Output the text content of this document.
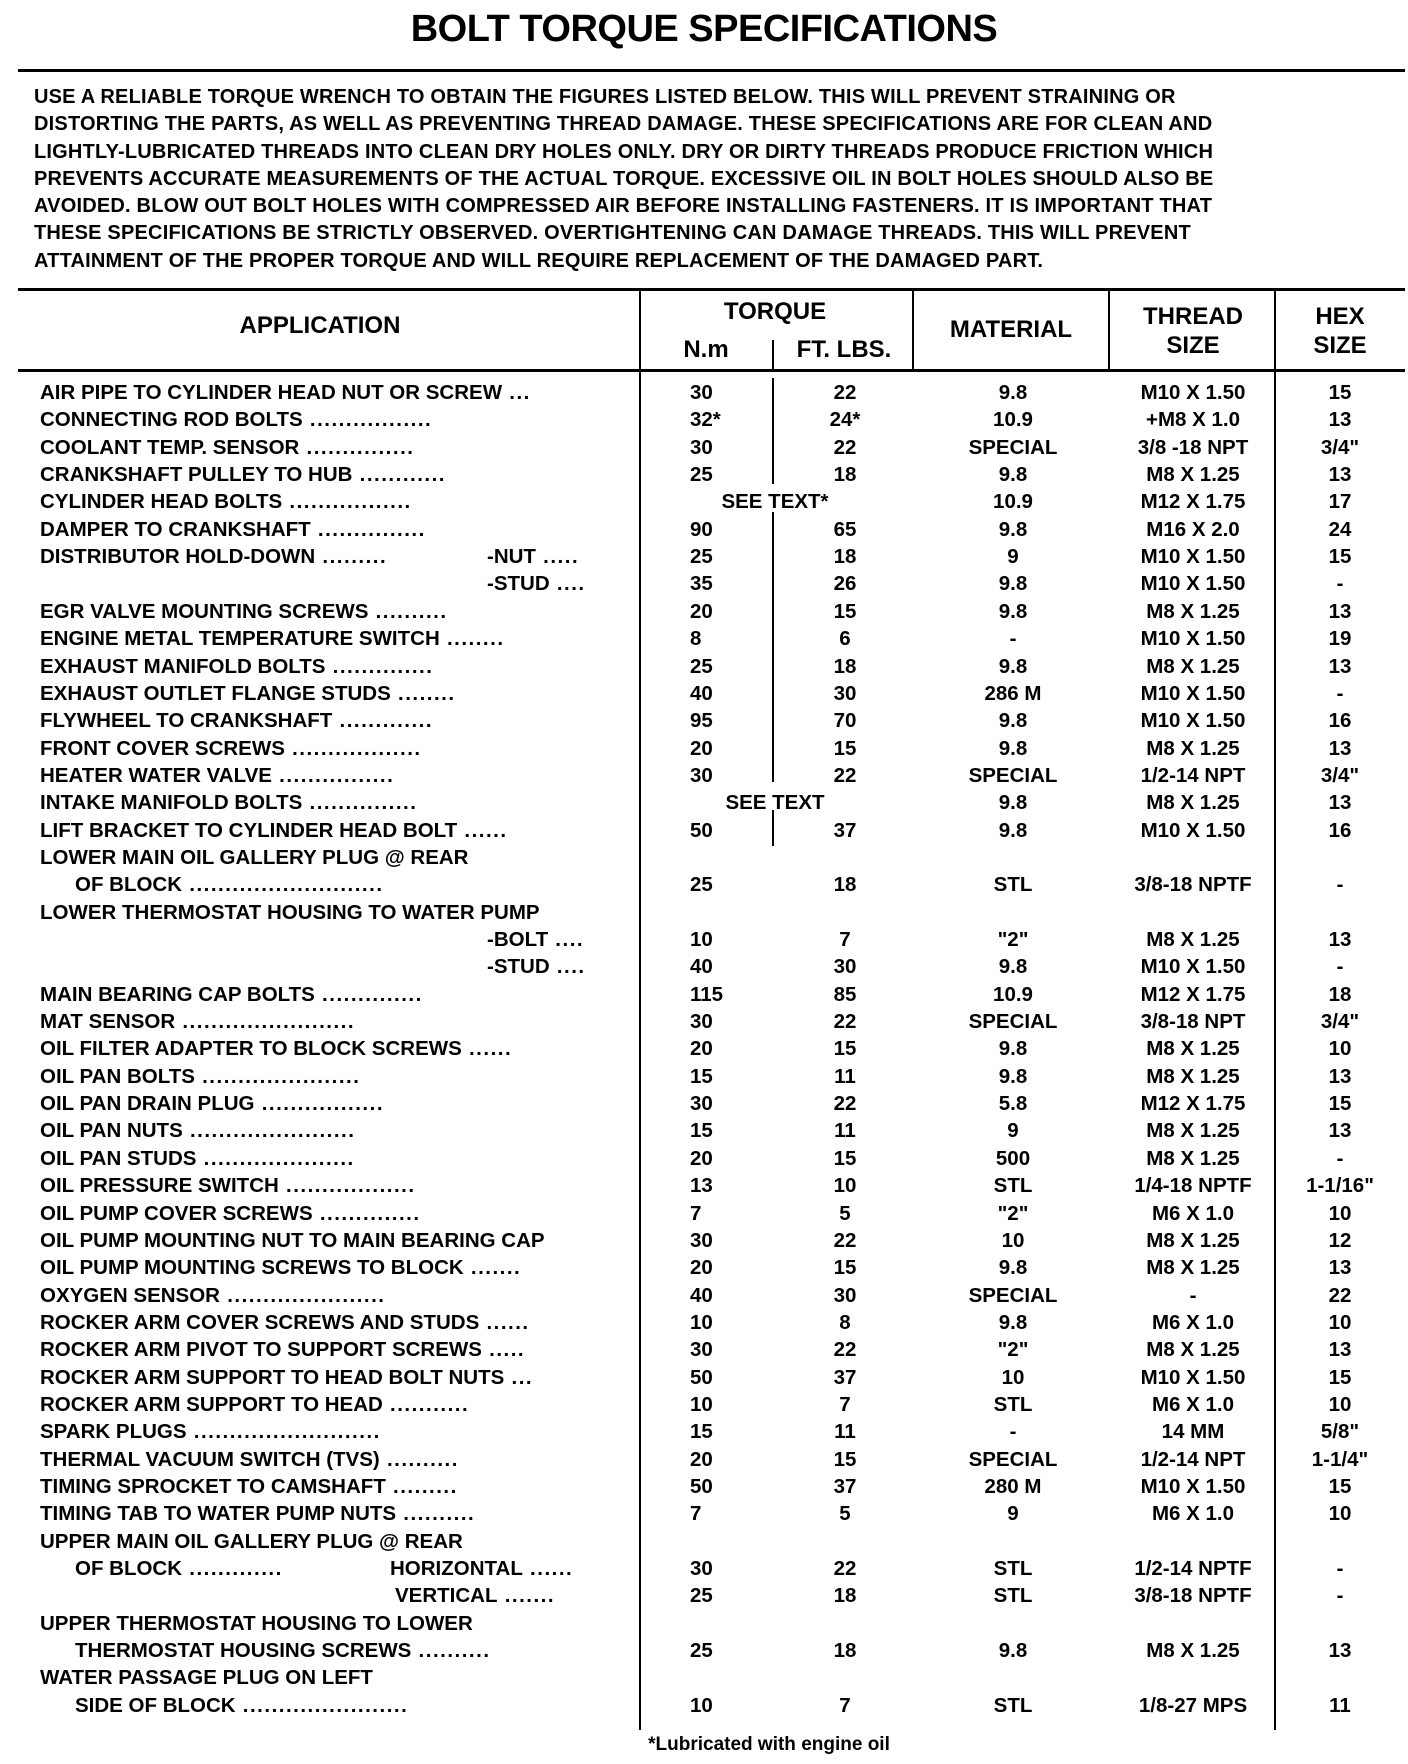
BOLT TORQUE SPECIFICATIONS
USE A RELIABLE TORQUE WRENCH TO OBTAIN THE FIGURES LISTED BELOW. THIS WILL PREVENT STRAINING OR
DISTORTING THE PARTS, AS WELL AS PREVENTING THREAD DAMAGE. THESE SPECIFICATIONS ARE FOR CLEAN AND
LIGHTLY-LUBRICATED THREADS INTO CLEAN DRY HOLES ONLY. DRY OR DIRTY THREADS PRODUCE FRICTION WHICH
PREVENTS ACCURATE MEASUREMENTS OF THE ACTUAL TORQUE. EXCESSIVE OIL IN BOLT HOLES SHOULD ALSO BE
AVOIDED. BLOW OUT BOLT HOLES WITH COMPRESSED AIR BEFORE INSTALLING FASTENERS. IT IS IMPORTANT THAT
THESE SPECIFICATIONS BE STRICTLY OBSERVED. OVERTIGHTENING CAN DAMAGE THREADS. THIS WILL PREVENT
ATTAINMENT OF THE PROPER TORQUE AND WILL REQUIRE REPLACEMENT OF THE DAMAGED PART.
APPLICATION
TORQUE
N.m	FT. LBS.
MATERIAL	THREAD
SIZE
HEX
SIZE
AIR PIPE TO CYLINDER HEAD NUT OR SCREW ...	30	22	9.8	M10 X 1.50	15
CONNECTING ROD BOLTS .................	32*	24*	10.9	+M8 X 1.0	13
COOLANT TEMP. SENSOR ...............	30	22	SPECIAL	3/8 -18 NPT	3/4"
CRANKSHAFT PULLEY TO HUB ............	25	18	9.8	M8 X 1.25	13
CYLINDER HEAD BOLTS .................	SEE TEXT*	10.9	M12 X 1.75	17
DAMPER TO CRANKSHAFT ...............	90	65	9.8	M16 X 2.0	24
DISTRIBUTOR HOLD-DOWN .........	-NUT .....	25	18	9	M10 X 1.50	15
-STUD ....	35	26	9.8	M10 X 1.50	-
EGR VALVE MOUNTING SCREWS ..........	20	15	9.8	M8 X 1.25	13
ENGINE METAL TEMPERATURE SWITCH ........	8	6	-	M10 X 1.50	19
EXHAUST MANIFOLD BOLTS ..............	25	18	9.8	M8 X 1.25	13
EXHAUST OUTLET FLANGE STUDS ........	40	30	286 M	M10 X 1.50	-
FLYWHEEL TO CRANKSHAFT .............	95	70	9.8	M10 X 1.50	16
FRONT COVER SCREWS ..................	20	15	9.8	M8 X 1.25	13
HEATER WATER VALVE ................	30	22	SPECIAL	1/2-14 NPT	3/4"
INTAKE MANIFOLD BOLTS ...............	SEE TEXT	9.8	M8 X 1.25	13
LIFT BRACKET TO CYLINDER HEAD BOLT ......	50	37	9.8	M10 X 1.50	16
LOWER MAIN OIL GALLERY PLUG @ REAR
OF BLOCK ...........................	25	18	STL	3/8-18 NPTF	-
LOWER THERMOSTAT HOUSING TO WATER PUMP
-BOLT ....	10	7	"2"	M8 X 1.25	13
-STUD ....	40	30	9.8	M10 X 1.50	-
MAIN BEARING CAP BOLTS ..............	115	85	10.9	M12 X 1.75	18
MAT SENSOR ........................	30	22	SPECIAL	3/8-18 NPT	3/4"
OIL FILTER ADAPTER TO BLOCK SCREWS ......	20	15	9.8	M8 X 1.25	10
OIL PAN BOLTS ......................	15	11	9.8	M8 X 1.25	13
OIL PAN DRAIN PLUG .................	30	22	5.8	M12 X 1.75	15
OIL PAN NUTS .......................	15	11	9	M8 X 1.25	13
OIL PAN STUDS .....................	20	15	500	M8 X 1.25	-
OIL PRESSURE SWITCH ..................	13	10	STL	1/4-18 NPTF	1-1/16"
OIL PUMP COVER SCREWS ..............	7	5	"2"	M6 X 1.0	10
OIL PUMP MOUNTING NUT TO MAIN BEARING CAP	30	22	10	M8 X 1.25	12
OIL PUMP MOUNTING SCREWS TO BLOCK .......	20	15	9.8	M8 X 1.25	13
OXYGEN SENSOR ......................	40	30	SPECIAL	-	22
ROCKER ARM COVER SCREWS AND STUDS ......	10	8	9.8	M6 X 1.0	10
ROCKER ARM PIVOT TO SUPPORT SCREWS .....	30	22	"2"	M8 X 1.25	13
ROCKER ARM SUPPORT TO HEAD BOLT NUTS ...	50	37	10	M10 X 1.50	15
ROCKER ARM SUPPORT TO HEAD ...........	10	7	STL	M6 X 1.0	10
SPARK PLUGS ..........................	15	11	-	14 MM	5/8"
THERMAL VACUUM SWITCH (TVS) ..........	20	15	SPECIAL	1/2-14 NPT	1-1/4"
TIMING SPROCKET TO CAMSHAFT .........	50	37	280 M	M10 X 1.50	15
TIMING TAB TO WATER PUMP NUTS ..........	7	5	9	M6 X 1.0	10
UPPER MAIN OIL GALLERY PLUG @ REAR
OF BLOCK .............	HORIZONTAL ......	30	22	STL	1/2-14 NPTF	-
VERTICAL .......	25	18	STL	3/8-18 NPTF	-
UPPER THERMOSTAT HOUSING TO LOWER
THERMOSTAT HOUSING SCREWS ..........	25	18	9.8	M8 X 1.25	13
WATER PASSAGE PLUG ON LEFT
SIDE OF BLOCK .......................	10	7	STL	1/8-27 MPS	11
*Lubricated with engine oil
